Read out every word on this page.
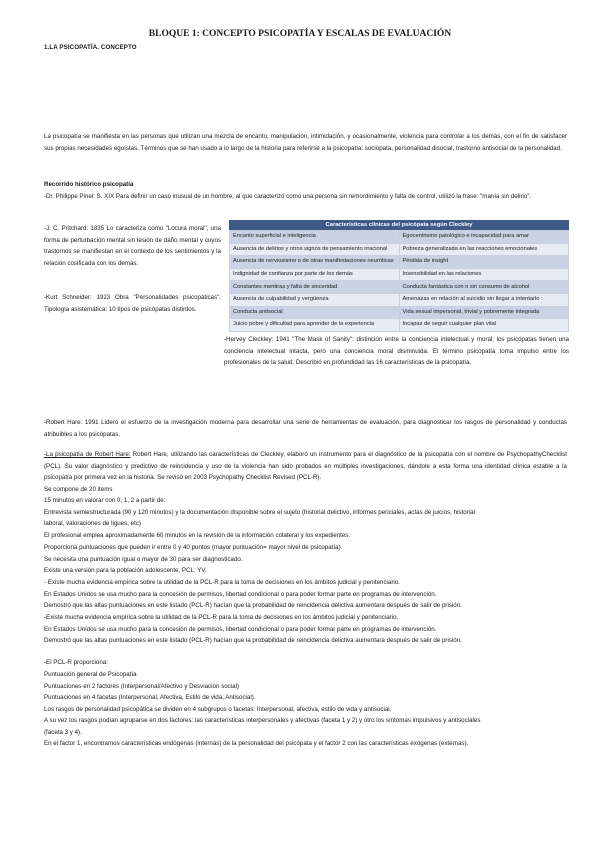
BLOQUE 1: CONCEPTO PSICOPATÍA Y ESCALAS DE EVALUACIÓN
1.LA PSICOPATÍA. CONCEPTO
La psicopatía se manifiesta en las personas que utilizan una mezcla de encanto, manipulación, intimidación, y ocasionalmente, violencia para controlar a los demás, con el fin de satisfacer sus propias necesidades egoístas. Términos que se han usado a lo largo de la historia para referirse a la psicopatía: sociópata, personalidad disocial, trastorno antisocial de la personalidad.
Recorrido histórico psicopatía
-Dr. Philippe Pinel: S. XIX Para definir un caso inusual de un hombre, al que caracterizó como una persona sin remordimiento y falta de control, utilizó la frase: "manía sin delirio".
-J. C. Pritchard: 1835 Lo caracteriza como "Locura moral", una forma de perturbación mental sin lesión de daño mental y cuyos trastornos se manifiestan en el contexto de los sentimientos y la relación cosificada con los demás.
-Kurt Schneider: 1923 Obra "Personalidades psicopáticas". Tipología asistemática: 10 tipos de psicópatas distintos.
Características clínicas del psicópata según Cleckley
Encanto superficial e inteligencia	Egocentrismo patológico e incapacidad para amar
Ausencia de delirios y otros signos de pensamiento irracional	Pobreza generalizada en las reacciones emocionales
Ausencia de nerviosismo o de otras manifestaciones neuróticas	Pérdida de insight
Indignidad de confianza por parte de los demás	Insensibilidad en las relaciones
Constantes mentiras y falta de sinceridad	Conducta fantástica con o sin consumo de alcohol
Ausencia de culpabilidad y vergüenza	Amenazas en relación al suicidio sin llegar a intentarlo
Conducta antisocial	Vida sexual impersonal, trivial y pobremente integrada
Juicio pobre y dificultad para aprender de la experiencia	Incapaz de seguir cualquier plan vital
-Hervey Cleckley: 1941 "The Mask of Sanity": distinción entre la conciencia intelectual y moral; los psicópatas tienen una conciencia intelectual intacta, pero una conciencia moral disminuida. El término psicopatía toma impulso entre los profesionales de la salud. Describió en profundidad las 16 características de la psicopatía.
-Robert Hare: 1991 Lideró el esfuerzo de la investigación moderna para desarrollar una serie de herramientas de evaluación, para diagnosticar los rasgos de personalidad y conductas atribuibles a los psicópatas.
-La psicopatía de Robert Hare: Robert Hare, utilizando las características de Cleckley, elaboró un instrumento para el diagnóstico de la psicopatía con el nombre de PsychopathyChecklist (PCL). Su valor diagnóstico y predictivo de reincidencia y uso de la violencia han sido probados en múltiples investigaciones, dándole a esta forma una identidad clínica estable a la psicopatía por primera vez en la historia. Se revisó en 2003 Psychopathy Checklist Revised (PCL-R).
Se compone de 20 items
15 minutos en valorar con 0, 1, 2 a partir de:
Entrevista semiestructurada (90 y 120 minutos) y la documentación disponible sobre el sujeto (historial delictivo, informes periciales, actas de juicios, historial
laboral, valoraciones de ligues, etc)
El profesional emplea aproximadamente 60 minutos en la revisión de la información colateral y los expedientes.
Proporciona puntuaciones que pueden ir entre 0 y 40 puntos (mayor puntuación= mayor nivel de psicopatía).
Se necesita una puntuación igual o mayor de 30 para ser diagnosticado.
Existe una versión para la población adolescente, PCL: YV.
- Existe mucha evidencia empírica sobre la utilidad de la PCL-R para la toma de decisiones en los ámbitos judicial y penitenciario.
En Estados Unidos se usa mucho para la concesión de permisos, libertad condicional o para poder formar parte en programas de intervención.
Demostró que las altas puntuaciones en este listado (PCL-R) hacían que la probabilidad de reincidencia delictiva aumentara después de salir de prisión.
-Existe mucha evidencia empírica sobre la utilidad de la PCL-R para la toma de decisiones en los ámbitos judicial y penitenciario.
En Estados Unidos se usa mucho para la concesión de permisos, libertad condicional o para poder formar parte en programas de intervención.
Demostró que las altas puntuaciones en este listado (PCL-R) hacían que la probabilidad de reincidencia delictiva aumentara después de salir de prisión.
-El PCL-R proporciona:
Puntuación general de Psicopatía
Puntuaciones en 2 factores (Interpersonal/Afectivo y Desviación social)
Puntuaciones en 4 facetas (Interpersonal, Afectiva, Estilo de vida, Antisocial).
Los rasgos de personalidad psicopática se dividen en 4 subgrupos o facetas: Interpersonal, afectiva, estilo de vida y antisocial.
A su vez los rasgos podían agruparse en dos factores: las características interpersonales y afectivas (faceta 1 y 2) y otro los síntomas impulsivos y antisociales
(faceta 3 y 4).
En el factor 1, encontramos características endógenas (internas) de la personalidad del psicópata y el factor 2 con las características exógenas (externas).
